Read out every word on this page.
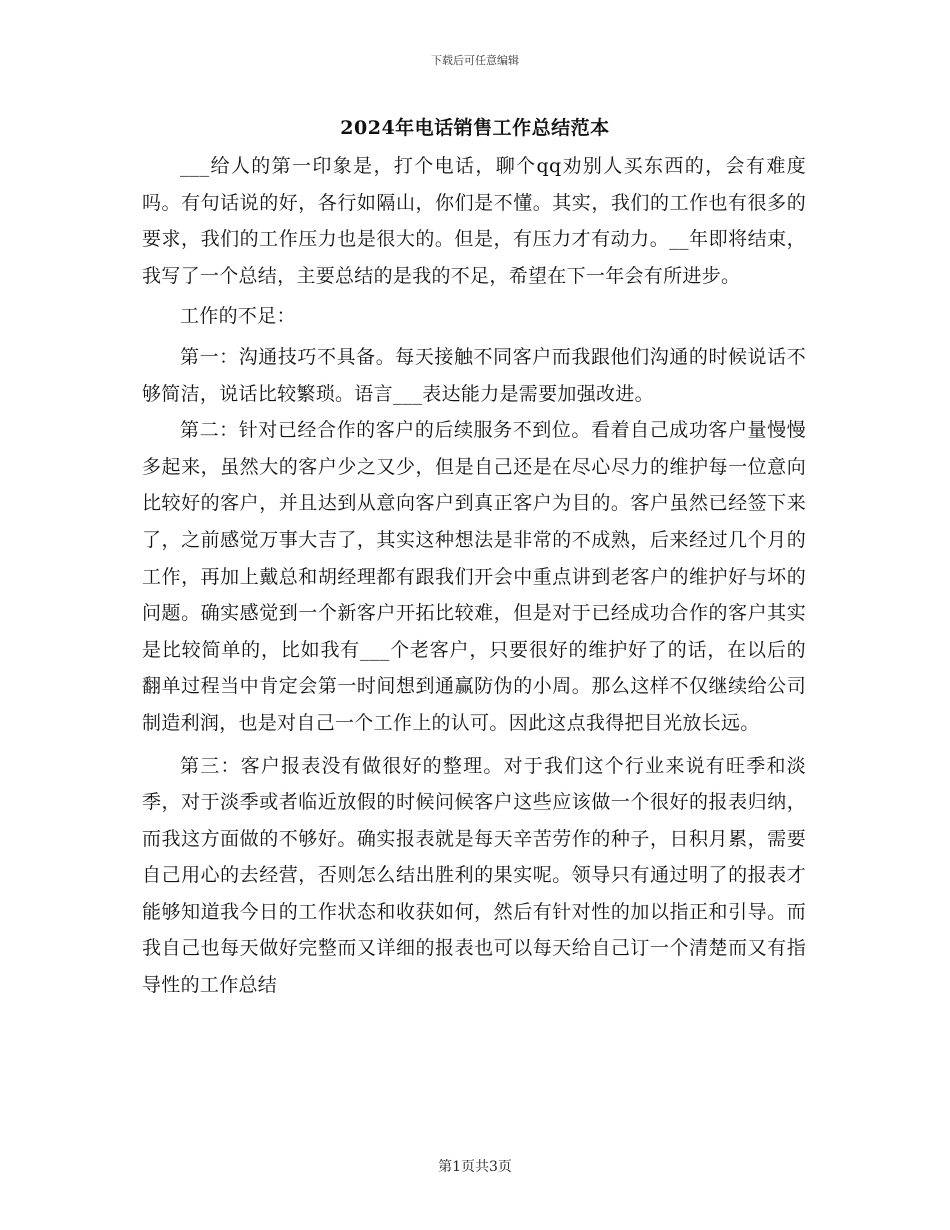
下载后可任意编辑
2024年电话销售工作总结范本

___给人的第一印象是，打个电话，聊个qq劝别人买东西的，会有难度吗。有句话说的好，各行如隔山，你们是不懂。其实，我们的工作也有很多的要求，我们的工作压力也是很大的。但是，有压力才有动力。__年即将结束，我写了一个总结，主要总结的是我的不足，希望在下一年会有所进步。

工作的不足：

第一：沟通技巧不具备。每天接触不同客户而我跟他们沟通的时候说话不够简洁，说话比较繁琐。语言___表达能力是需要加强改进。

第二：针对已经合作的客户的后续服务不到位。看着自己成功客户量慢慢多起来，虽然大的客户少之又少，但是自己还是在尽心尽力的维护每一位意向比较好的客户，并且达到从意向客户到真正客户为目的。客户虽然已经签下来了，之前感觉万事大吉了，其实这种想法是非常的不成熟，后来经过几个月的工作，再加上戴总和胡经理都有跟我们开会中重点讲到老客户的维护好与坏的问题。确实感觉到一个新客户开拓比较难，但是对于已经成功合作的客户其实是比较简单的，比如我有___个老客户，只要很好的维护好了的话，在以后的翻单过程当中肯定会第一时间想到通赢防伪的小周。那么这样不仅继续给公司制造利润，也是对自己一个工作上的认可。因此这点我得把目光放长远。

第三：客户报表没有做很好的整理。对于我们这个行业来说有旺季和淡季，对于淡季或者临近放假的时候问候客户这些应该做一个很好的报表归纳，而我这方面做的不够好。确实报表就是每天辛苦劳作的种子，日积月累，需要自己用心的去经营，否则怎么结出胜利的果实呢。领导只有通过明了的报表才能够知道我今日的工作状态和收获如何，然后有针对性的加以指正和引导。而我自己也每天做好完整而又详细的报表也可以每天给自己订一个清楚而又有指导性的工作总结

第1页共3页
